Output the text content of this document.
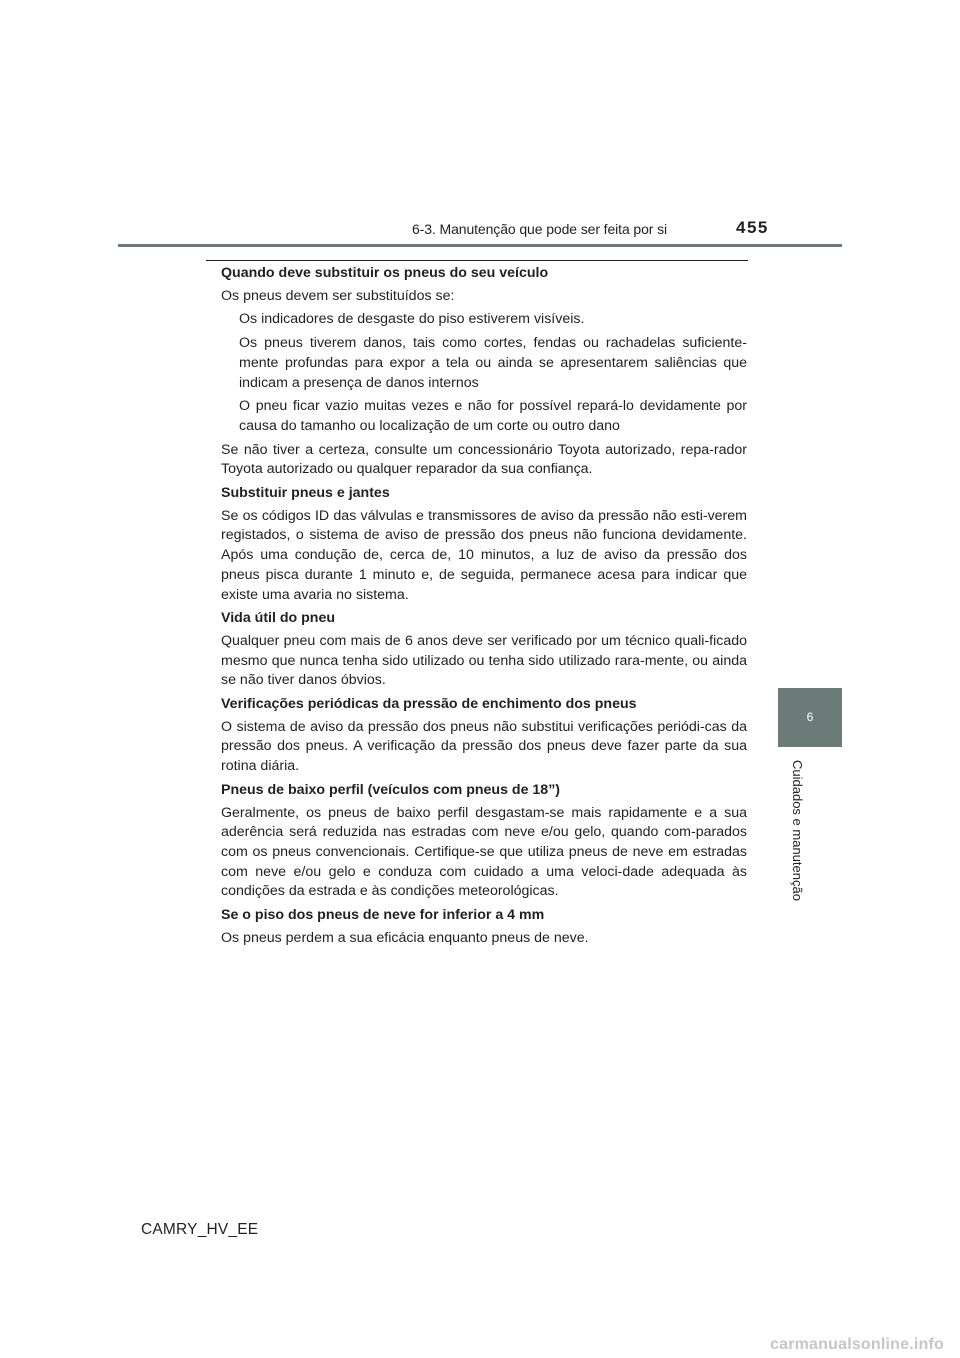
6-3. Manutenção que pode ser feita por si	455
Quando deve substituir os pneus do seu veículo

Os pneus devem ser substituídos se:

Os indicadores de desgaste do piso estiverem visíveis.

Os pneus tiverem danos, tais como cortes, fendas ou rachadelas suficiente-mente profundas para expor a tela ou ainda se apresentarem saliências que indicam a presença de danos internos

O pneu ficar vazio muitas vezes e não for possível repará-lo devidamente por causa do tamanho ou localização de um corte ou outro dano

Se não tiver a certeza, consulte um concessionário Toyota autorizado, repa-rador Toyota autorizado ou qualquer reparador da sua confiança.

Substituir pneus e jantes

Se os códigos ID das válvulas e transmissores de aviso da pressão não esti-verem registados, o sistema de aviso de pressão dos pneus não funciona devidamente. Após uma condução de, cerca de, 10 minutos, a luz de aviso da pressão dos pneus pisca durante 1 minuto e, de seguida, permanece acesa para indicar que existe uma avaria no sistema.

Vida útil do pneu

Qualquer pneu com mais de 6 anos deve ser verificado por um técnico quali-ficado mesmo que nunca tenha sido utilizado ou tenha sido utilizado rara-mente, ou ainda se não tiver danos óbvios.

Verificações periódicas da pressão de enchimento dos pneus

O sistema de aviso da pressão dos pneus não substitui verificações periódi-cas da pressão dos pneus. A verificação da pressão dos pneus deve fazer parte da sua rotina diária.

Pneus de baixo perfil (veículos com pneus de 18”)

Geralmente, os pneus de baixo perfil desgastam-se mais rapidamente e a sua aderência será reduzida nas estradas com neve e/ou gelo, quando com-parados com os pneus convencionais. Certifique-se que utiliza pneus de neve em estradas com neve e/ou gelo e conduza com cuidado a uma veloci-dade adequada às condições da estrada e às condições meteorológicas.

Se o piso dos pneus de neve for inferior a 4 mm

Os pneus perdem a sua eficácia enquanto pneus de neve.

6
Cuidados e manutenção
CAMRY_HV_EE
carmanualsonline.info
